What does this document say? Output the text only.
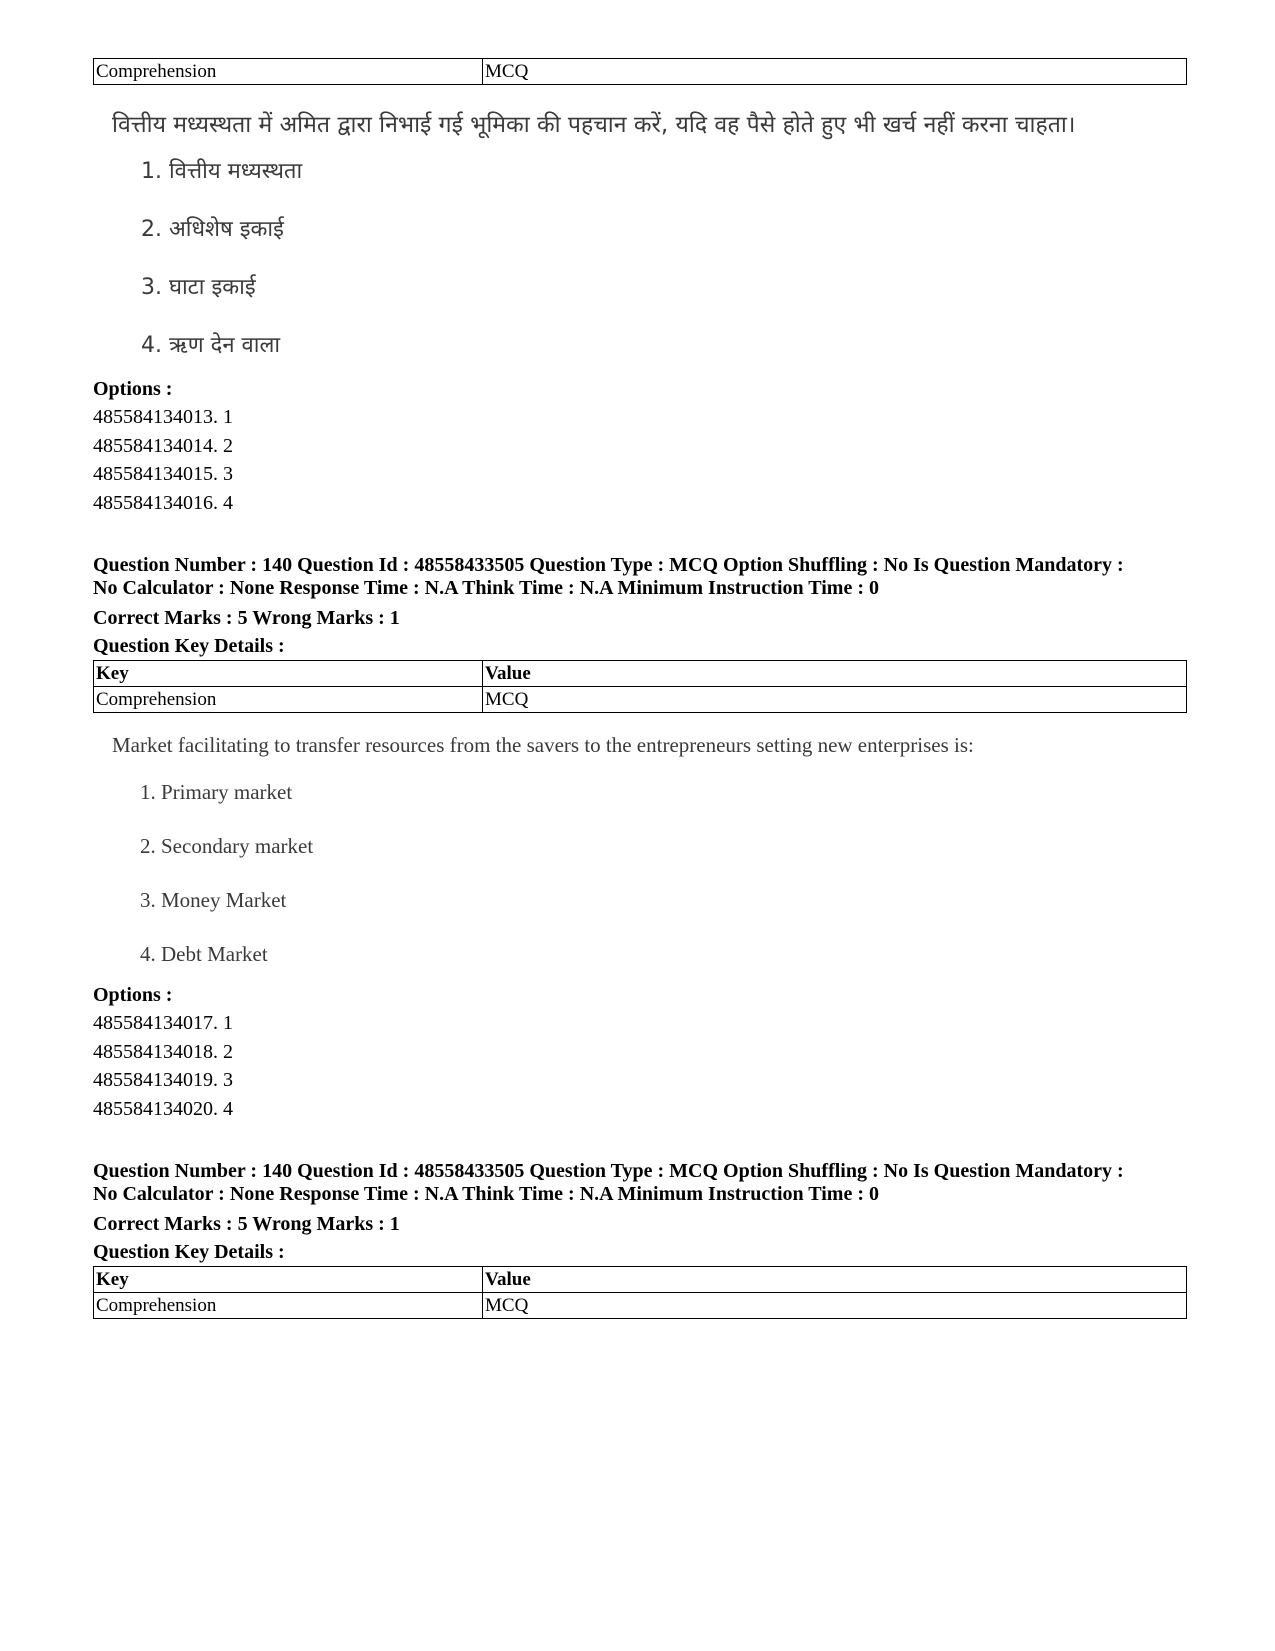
Comprehension	MCQ
वित्तीय मध्यस्थता में अमित द्वारा निभाई गई भूमिका की पहचान करें, यदि वह पैसे होते हुए भी खर्च नहीं करना चाहता।
1. वित्तीय मध्यस्थता
2. अधिशेष इकाई
3. घाटा इकाई
4. ऋण देन वाला
Options :
485584134013. 1
485584134014. 2
485584134015. 3
485584134016. 4
Question Number : 140 Question Id : 48558433505 Question Type : MCQ Option Shuffling : No Is Question Mandatory :
No Calculator : None Response Time : N.A Think Time : N.A Minimum Instruction Time : 0
Correct Marks : 5 Wrong Marks : 1
Question Key Details :
Key	Value
Comprehension	MCQ
Market facilitating to transfer resources from the savers to the entrepreneurs setting new enterprises is:
1. Primary market
2. Secondary market
3. Money Market
4. Debt Market
Options :
485584134017. 1
485584134018. 2
485584134019. 3
485584134020. 4
Question Number : 140 Question Id : 48558433505 Question Type : MCQ Option Shuffling : No Is Question Mandatory :
No Calculator : None Response Time : N.A Think Time : N.A Minimum Instruction Time : 0
Correct Marks : 5 Wrong Marks : 1
Question Key Details :
Key	Value
Comprehension	MCQ
